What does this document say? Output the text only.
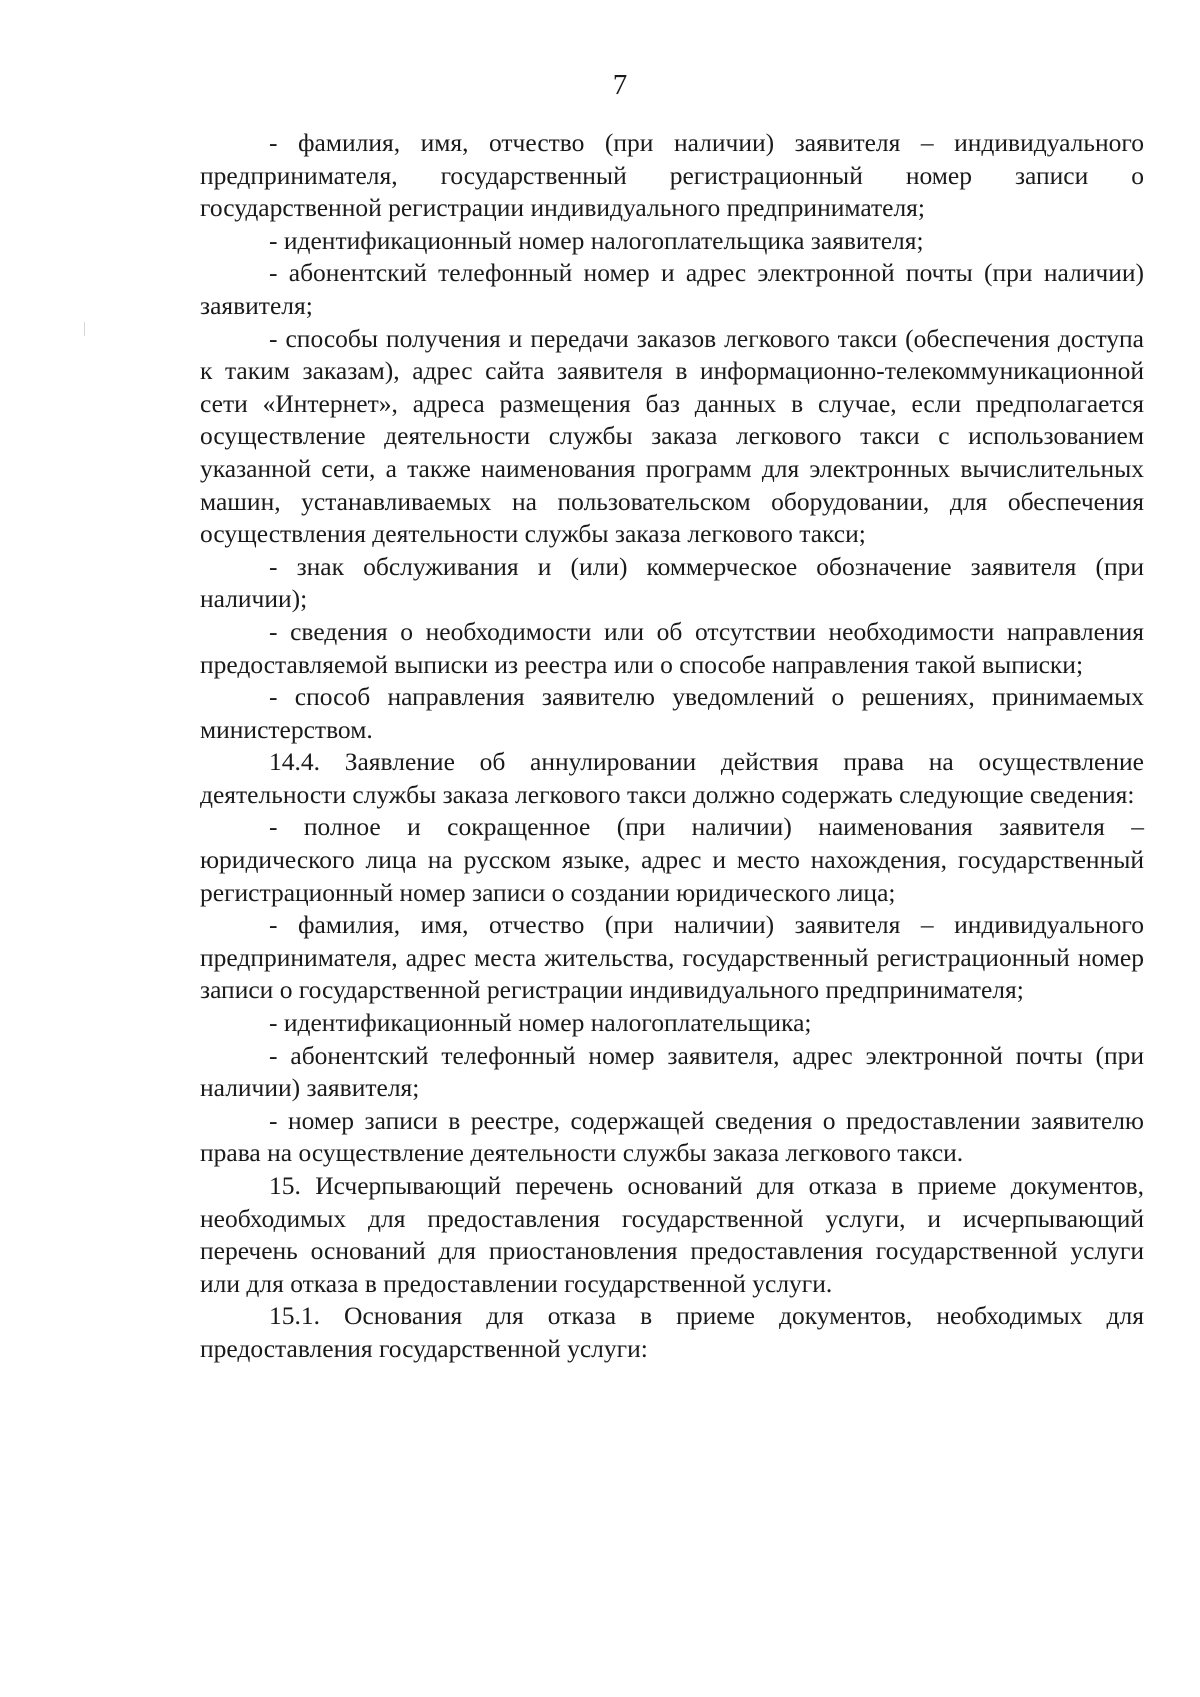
7

- фамилия, имя, отчество (при наличии) заявителя – индивидуального предпринимателя, государственный регистрационный номер записи о государственной регистрации индивидуального предпринимателя;

- идентификационный номер налогоплательщика заявителя;

- абонентский телефонный номер и адрес электронной почты (при наличии) заявителя;

- способы получения и передачи заказов легкового такси (обеспечения доступа к таким заказам), адрес сайта заявителя в информационно-телекоммуникационной сети «Интернет», адреса размещения баз данных в случае, если предполагается осуществление деятельности службы заказа легкового такси с использованием указанной сети, а также наименования программ для электронных вычислительных машин, устанавливаемых на пользовательском оборудовании, для обеспечения осуществления деятельности службы заказа легкового такси;

- знак обслуживания и (или) коммерческое обозначение заявителя (при наличии);

- сведения о необходимости или об отсутствии необходимости направления предоставляемой выписки из реестра или о способе направления такой выписки;

- способ направления заявителю уведомлений о решениях, принимаемых министерством.

14.4. Заявление об аннулировании действия права на осуществление деятельности службы заказа легкового такси должно содержать следующие сведения:

- полное и сокращенное (при наличии) наименования заявителя – юридического лица на русском языке, адрес и место нахождения, государственный регистрационный номер записи о создании юридического лица;

- фамилия, имя, отчество (при наличии) заявителя – индивидуального предпринимателя, адрес места жительства, государственный регистрационный номер записи о государственной регистрации индивидуального предпринимателя;

- идентификационный номер налогоплательщика;

- абонентский телефонный номер заявителя, адрес электронной почты (при наличии) заявителя;

- номер записи в реестре, содержащей сведения о предоставлении заявителю права на осуществление деятельности службы заказа легкового такси.

15. Исчерпывающий перечень оснований для отказа в приеме документов, необходимых для предоставления государственной услуги, и исчерпывающий перечень оснований для приостановления предоставления государственной услуги или для отказа в предоставлении государственной услуги.

15.1. Основания для отказа в приеме документов, необходимых для предоставления государственной услуги:
